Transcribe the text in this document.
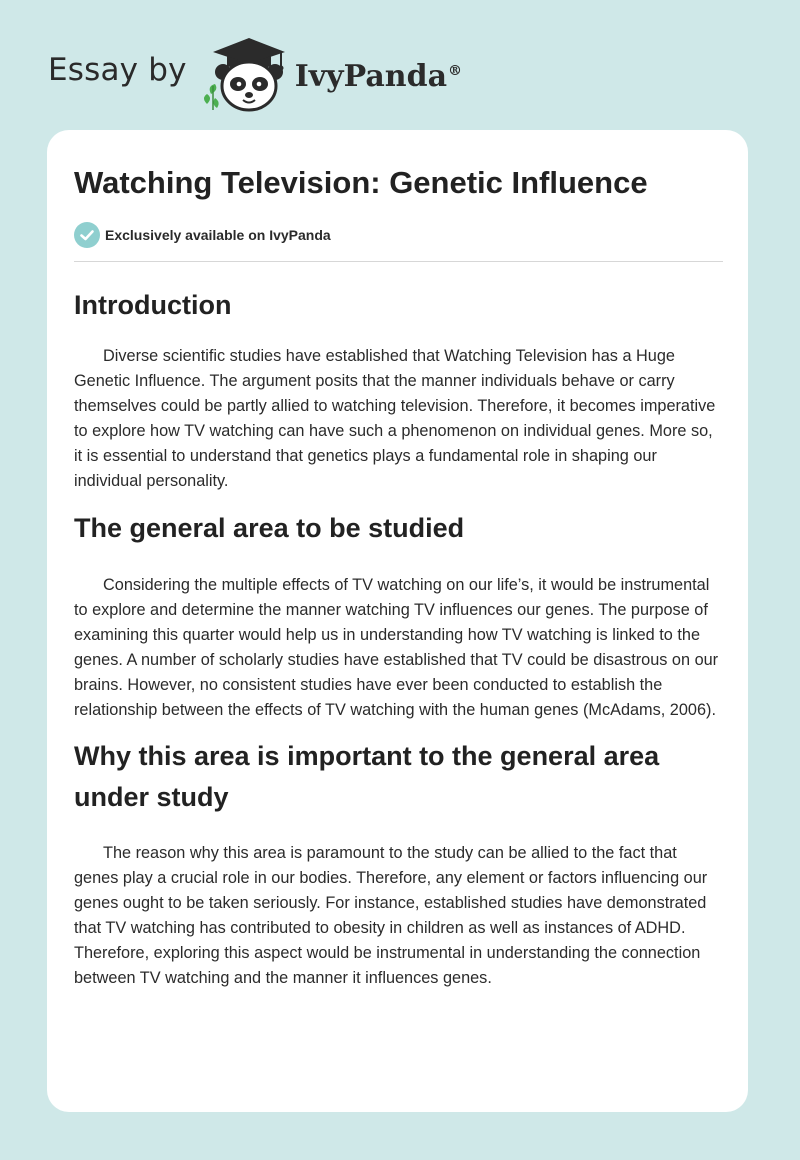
Essay by	IvyPanda®
Watching Television: Genetic Influence
Exclusively available on IvyPanda
Introduction

Diverse scientific studies have established that Watching Television has a Huge Genetic Influence. The argument posits that the manner individuals behave or carry themselves could be partly allied to watching television. Therefore, it becomes imperative to explore how TV watching can have such a phenomenon on individual genes. More so, it is essential to understand that genetics plays a fundamental role in shaping our individual personality.

The general area to be studied

Considering the multiple effects of TV watching on our life’s, it would be instrumental to explore and determine the manner watching TV influences our genes. The purpose of examining this quarter would help us in understanding how TV watching is linked to the genes. A number of scholarly studies have established that TV could be disastrous on our brains. However, no consistent studies have ever been conducted to establish the relationship between the effects of TV watching with the human genes (McAdams, 2006).

Why this area is important to the general area under study

The reason why this area is paramount to the study can be allied to the fact that genes play a crucial role in our bodies. Therefore, any element or factors influencing our genes ought to be taken seriously. For instance, established studies have demonstrated that TV watching has contributed to obesity in children as well as instances of ADHD. Therefore, exploring this aspect would be instrumental in understanding the connection between TV watching and the manner it influences genes.
